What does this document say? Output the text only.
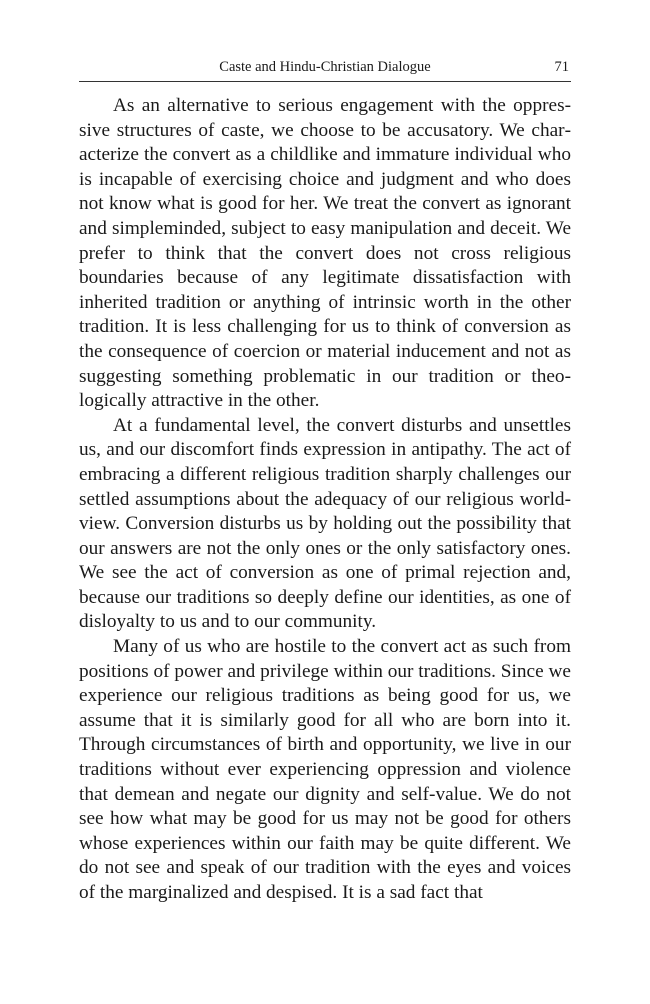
Caste and Hindu-Christian Dialogue	71

As an alternative to serious engagement with the oppressive structures of caste, we choose to be accusatory. We characterize the convert as a childlike and immature individual who is incapable of exercising choice and judgment and who does not know what is good for her. We treat the convert as ignorant and simpleminded, subject to easy manipulation and deceit. We prefer to think that the convert does not cross religious boundaries because of any legitimate dissatisfaction with inherited tradition or anything of intrinsic worth in the other tradition. It is less challenging for us to think of conversion as the consequence of coercion or material inducement and not as suggesting something problematic in our tradition or theologically attractive in the other.

At a fundamental level, the convert disturbs and unsettles us, and our discomfort finds expression in antipathy. The act of embracing a different religious tradition sharply challenges our settled assumptions about the adequacy of our religious worldview. Conversion disturbs us by holding out the possibility that our answers are not the only ones or the only satisfactory ones. We see the act of conversion as one of primal rejection and, because our traditions so deeply define our identities, as one of disloyalty to us and to our community.

Many of us who are hostile to the convert act as such from positions of power and privilege within our traditions. Since we experience our religious traditions as being good for us, we assume that it is similarly good for all who are born into it. Through circumstances of birth and opportunity, we live in our traditions without ever experiencing oppression and violence that demean and negate our dignity and self-value. We do not see how what may be good for us may not be good for others whose experiences within our faith may be quite different. We do not see and speak of our tradition with the eyes and voices of the marginalized and despised. It is a sad fact that
